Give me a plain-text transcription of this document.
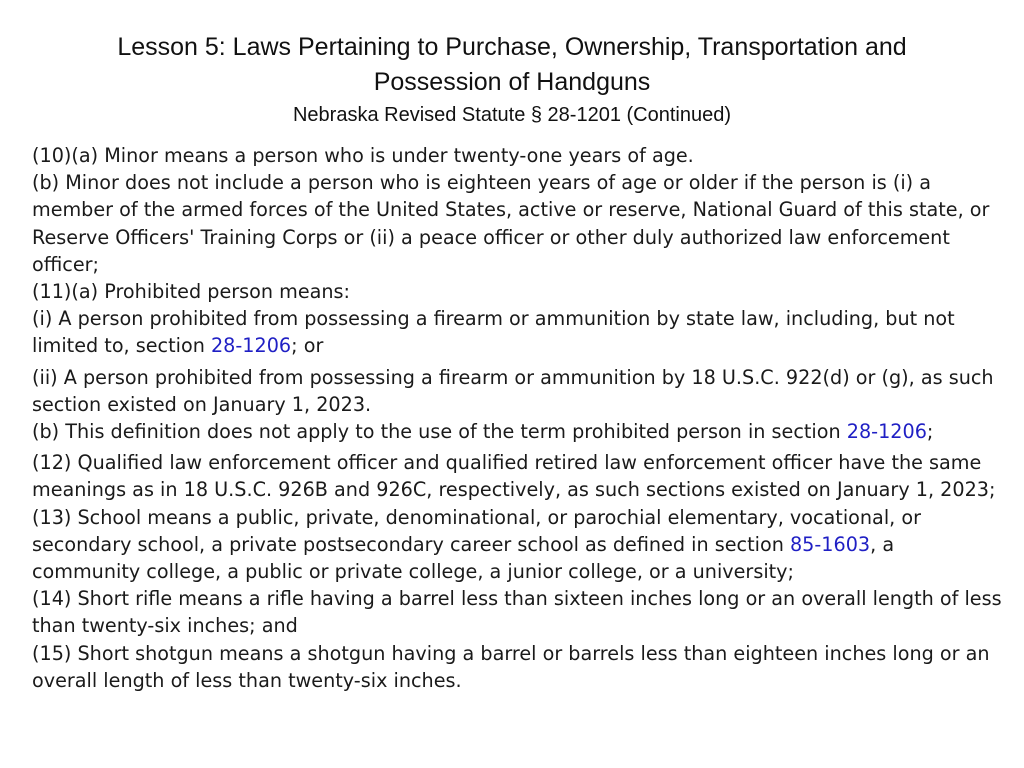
Lesson 5: Laws Pertaining to Purchase, Ownership, Transportation and Possession of Handguns
Nebraska Revised Statute § 28-1201 (Continued)

(10)(a) Minor means a person who is under twenty-one years of age.

(b) Minor does not include a person who is eighteen years of age or older if the person is (i) a member of the armed forces of the United States, active or reserve, National Guard of this state, or Reserve Officers' Training Corps or (ii) a peace officer or other duly authorized law enforcement officer;

(11)(a) Prohibited person means:

(i) A person prohibited from possessing a firearm or ammunition by state law, including, but not limited to, section 28-1206; or

(ii) A person prohibited from possessing a firearm or ammunition by 18 U.S.C. 922(d) or (g), as such section existed on January 1, 2023.

(b) This definition does not apply to the use of the term prohibited person in section 28-1206;

(12) Qualified law enforcement officer and qualified retired law enforcement officer have the same meanings as in 18 U.S.C. 926B and 926C, respectively, as such sections existed on January 1, 2023;

(13) School means a public, private, denominational, or parochial elementary, vocational, or secondary school, a private postsecondary career school as defined in section 85-1603, a community college, a public or private college, a junior college, or a university;

(14) Short rifle means a rifle having a barrel less than sixteen inches long or an overall length of less than twenty-six inches; and

(15) Short shotgun means a shotgun having a barrel or barrels less than eighteen inches long or an overall length of less than twenty-six inches.
